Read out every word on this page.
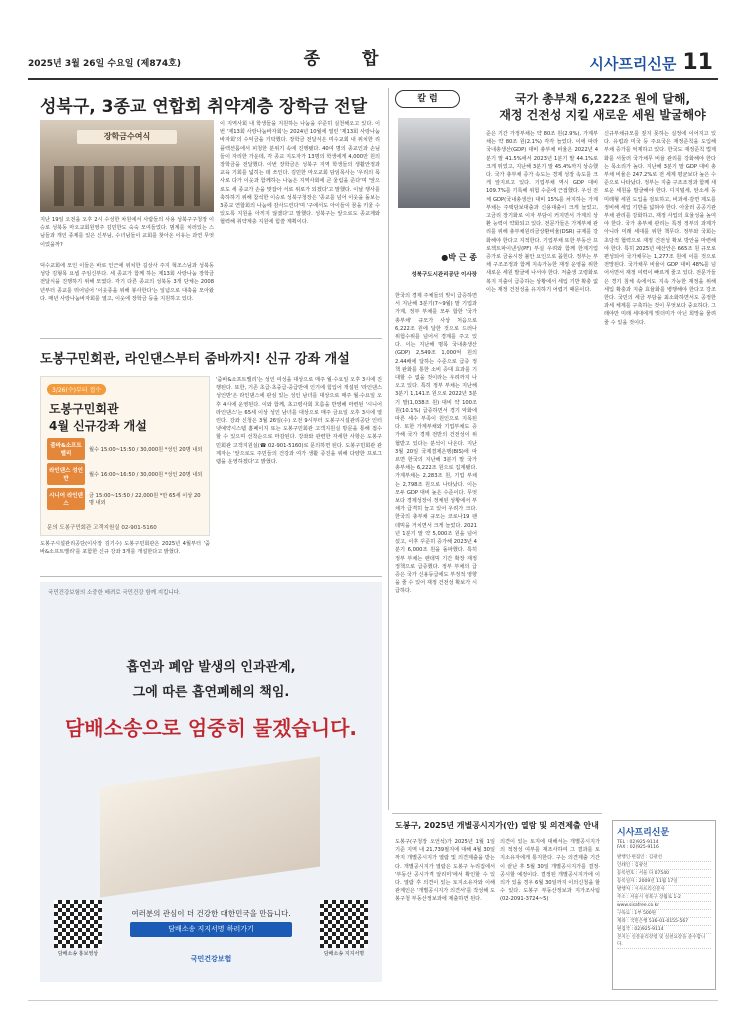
2025년 3월 26일 수요일 (제874호)	종 합	시사프리신문 11
성북구, 3종교 연합회 취약계층 장학금 전달
장학금수여식
지난 19일 오전을 오후 2시 수성한 차원에서 사람들의 사용 성북구구청장 이승로 성북동 마오교회원영주 김민한도 숙숙 모여들었다. 범계를 치러있는 스님들과 개인 종제를 있은 신부님, 수녀님들이 교회를 찾아온 이유는 과연 무엇이었을까?
덕수교회에 모인 이들은 바로 인근에 위치한 길상사 주지 혁조스님과 성북동성당 김형목 요셉 주임신부다. 세 종교가 함께 하는 제13회 사랑나눔 장학금 전달식을 진행하기 위해 모였다. 각기 다른 종교의 성북동 3개 단체는 2008년부터 종교를 뛰어넘어 '이웃종을 위해 봉사한다'는 일념으로 대축을 모아왔다. 매년 사랑나눔바자회를 열고, 이웃에 장학금 등을 지원하고 있다.
이 지역사회 내 학생들을 지원하는 나눔을 꾸준히 실천해오고 있다. 이번 '제13회 사랑나눔바자회'는 2024년 10월에 열린 '제13회 사랑나눔 바자회'의 수익금을 기탁했다. 장학금 전달식은 미수교회 내 위치한 리플렉션룸에서 피청한 분위기 속에 진행됐다. 40여 명의 종교인과 손님들이 자리한 가운데, 각 종교 지도자가 13명의 학생에게 4,000만 원의 장학금을 전달했다. 이번 장학금은 성북구 지역 학생들의 생활안정과 교육 기회를 넓히는 데 쓰인다. 김민한 마오교회 담임목사는 '우리의 목사로 다가 이웃과 함께하는 나눔은 지역사회에 큰 울림을 준다'며 '앞으로도 세 종교가 손을 맞잡아 서로 위로가 되겠다'고 말했다. 이날 행사를 축하하기 위해 참석한 이승로 성북구청장은 '종교를 넘어 이웃을 돌보는 3종교 연합회의 나눔에 감사드린다'며 '구에서도 아이들이 꿈을 키울 수 있도록 지원을 아끼지 않겠다'고 말했다. 성북구는 앞으로도 종교계와 협력해 취약계층 지원에 힘쓸 계획이다.
도봉구민회관, 라인댄스부터 줌바까지! 신규 강좌 개설
3/26(수)부터 접수
도봉구민회관
4월 신규강좌 개설
줌바&소프트밸리
월수 15:00~15:50 / 30,000원 *성인 20명 내외
라인댄스 성인반
월수 16:00~16:50 / 30,000원 *성인 20명 내외
시니어 라인댄스
금 15:00~15:50 / 22,000원 *만 65세 이상 20명 내외
문의 도봉구민회관 고객지원실 02-901-5160
도봉구시설관리공단(이사장 김기수) 도봉구민회관은 2025년 4월부터 '줌바&소프트밸리'를 포함한 신규 강좌 3개를 개설한다고 밝혔다.
'줌바&소프트밸리'는 성인 여성을 대상으로 매주 월·수요일 오후 3시에 진행된다. 또한, 기존 초급·초중급·중급반에 인기에 힘입어 개설된 '라인댄스 성인반'은 라인댄스에 관심 있는 성인 남녀를 대상으로 매주 월·수요일 오후 4시에 운영된다. 이와 함께, 초고령사회 흐름을 반영해 마련된 '시니어 라인댄스'는 65세 이상 성인 남녀를 대상으로 매주 금요일 오후 3시에 열린다. 강좌 신청은 3월 26일(수) 오전 9시부터 도봉구시설관리공단 인터넷예약시스템 홈페이지 또는 도봉구민회관 고객지원실 방문을 통해 접수할 수 있으며 선착순으로 마감된다. 강좌와 관련한 자세한 사항은 도봉구민회관 고객지원실(☎ 02-901-5160)로 문의하면 된다. 도봉구민회관 관계자는 '앞으로도 주민들의 건강과 여가 생활 증진을 위해 다양한 프로그램을 운영하겠다'고 밝혔다.
국민건강보험의 소중한 배려로 국민건강 함께 지킵니다.
흡연과 폐암 발생의 인과관계,
그에 따른 흡연폐해의 책임.
담배소송으로 엄중히 물겠습니다.
담배소송 홍보영상	담배소송 지지서명
여러분의 관심이 더 건강한 대한민국을 만듭니다.
담배소송 지지서명 하러가기
국민건강보험
칼 럼
●박 근 종
성북구도시관리공단 이사장
한국의 경제 주체들의 빚이 급증하면서 지난해 3분기(7~9월) 말 기업과 가계, 정부 부채를 모두 합한 '국가 총부채' 규모가 사상 처음으로 6,222조 원에 달한 것으로 드러나 위험수위를 넘어서 경계를 주고 있다. 이는 지난해 명목 국내총생산(GDP) 2,549조 1,000억 원의 2.44배에 달하는 수준으로 급증 정책 완화를 통한 소비 증대 효과를 기대할 수 없을 것이라는 우려까지 나오고 있다. 특히 정부 부채는 지난해 3분기 1,141조 원으로 2022년 3분기 말(1,038조 원) 대비 약 100조 원(10.1%) 급증하면서 경기 악화에 따른 세수 부족이 원인으로 지목된다. 또한 가계부채와 기업부채도 증가해 국가 경제 전반의 건전성이 위협받고 있다는 분석이 나온다. 지난 3월 20일 국제결제은행(BIS)에 따르면 한국의 지난해 3분기 말 국가 총부채는 6,222조 원으로 집계됐다. 가계부채는 2,283조 원, 기업 부채는 2,798조 원으로 나타났다. 이는 모두 GDP 대비 높은 수준이다. 무엇보다 경제성장이 정체된 상황에서 부채가 급격히 늘고 있어 우려가 크다. 한국의 총부채 규모는 코로나19 팬데믹을 거치면서 크게 늘었다. 2021년 1분기 말 약 5,000조 원을 넘어섰고, 이후 꾸준히 증가해 2023년 4분기 6,000조 원을 돌파했다. 특히 정부 부채는 팬데믹 기간 확장 재정 정책으로 급증했다. 정부 부채의 급증은 국가 신용등급에도 부정적 영향을 줄 수 있어 재정 건전성 확보가 시급하다.
국가 총부채 6,222조 원에 달해,
재정 건전성 지킬 새로운 세원 발굴해야
준은 기간 가정부채는 약 80조 원(2.9%), 가계부채는 약 80조 원(2.1%) 각각 늘었다. 이에 따라 국내총생산(GDP) 대비 총부채 비율은 2022년 4분기 말 41.5%에서 2023년 1분기 말 44.1%로 크게 뛰었고, 지난해 3분기 말 45.4%까지 상승했다. 국가 총부채 증가 속도는 경제 성장 속도를 크게 앞지르고 있다. 기업부채 역시 GDP 대비 109.7%를 기록해 위험 수준에 근접했다. 우선 전체 GDP(국내총생산) 대비 15%를 차지하는 가계부채는 주택담보대출과 신용대출이 크게 늘었고, 고금리 장기화로 이자 부담이 커지면서 가계의 상환 능력이 약화되고 있다. 전문가들은 가계부채 관리를 위해 총부채원리금상환비율(DSR) 규제를 강화해야 한다고 지적한다. 기업부채 또한 부동산 프로젝트파이낸싱(PF) 부실 우려와 함께 한계기업 증가로 금융시장 불안 요인으로 꼽힌다. 정부는 부채 구조조정과 함께 지속가능한 재정 운영을 위한 새로운 세원 발굴에 나서야 한다. 저출생 고령화로 복지 지출이 급증하는 상황에서 세입 기반 확충 없이는 재정 건전성을 유지하기 어렵기 때문이다.
신규부채규모를 짚지 못하는 실정에 이어지고 있다. 유럽과 미국 등 주요국은 재정준칙을 도입해 부채 증가를 억제하고 있다. 한국도 재정준칙 법제화를 서둘러 국가채무 비율 관리를 강화해야 한다는 목소리가 높다. 지난해 3분기 말 GDP 대비 총부채 비율은 247.2%로 전 세계 평균보다 높은 수준으로 나타났다. 정부는 지출 구조조정과 함께 새로운 세원을 발굴해야 한다. 디지털세, 탄소세 등 미래형 세원 도입을 검토하고, 비과세·감면 제도를 정비해 세입 기반을 넓혀야 한다. 아울러 공공기관 부채 관리를 강화하고, 재정 사업의 효율성을 높여야 한다. 국가 총부채 관리는 특정 정부의 과제가 아니라 미래 세대를 위한 책무다. 정부와 국회는 초당적 협력으로 재정 건전성 확보 방안을 마련해야 한다. 특히 2025년 예산안은 665조 원 규모로 편성되어 국가채무는 1,277조 원에 이를 것으로 전망된다. 국가채무 비율이 GDP 대비 48%를 넘어서면서 재정 여력이 빠르게 줄고 있다. 전문가들은 경기 침체 속에서도 지속 가능한 재정을 위해 세입 확충과 지출 효율화를 병행해야 한다고 강조한다. 국민의 세금 부담을 최소화하면서도 공정한 과세 체계를 구축하는 것이 무엇보다 중요하다. 그래야만 미래 세대에게 빚더미가 아닌 희망을 물려줄 수 있을 것이다.
도봉구, 2025년 개별공시지가(안) 열람 및 의견제출 안내
도봉구(구청장 오언석)가 2025년 1월 1일 기준 지역 내 21,739필지에 대해 4월 30일까지 개별공시지가 열람 및 의견제출을 받는다. 개별공시지가 열람은 도봉구 누리집에서 '부동산 공시가격 알리미'에서 확인할 수 있다. 열람 후 의견이 있는 토지소유자와 이해관계인은 '개별공시지가 의견서'를 작성해 도봉구청 부동산정보과에 제출하면 된다.
의견이 있는 토지에 대해서는 개별공시지가의 적정성 여부를 재조사하여 그 결과를 토지소유자에게 통지한다. 구는 의견제출 기간이 끝난 후 5월 30일 개별공시지가를 결정·공시할 예정이다. 결정된 개별공시지가에 이의가 있을 경우 6월 30일까지 이의신청을 할 수 있다. 도봉구 부동산정보과 지가조사팀(02-2091-3724~5)
시사프리신문
TEL : 02)925-9114
FAX : 02)925-9116
발행인·편집인 : 김광선
인쇄인 : 김광선
등록번호 : 서울 다 07540
등록일자 : 2009년 11월 17일
발행처 : 시사프리신문사
주소 : 서울시 성북구 장월로 1-2
www.sisafree.co.kr
구독료 : 1부 500원
계좌 : 국민은행 536-01-0155-567
편집국 : 02)925-9114
본지는 신문윤리강령 및 실천요강을 준수합니다.
